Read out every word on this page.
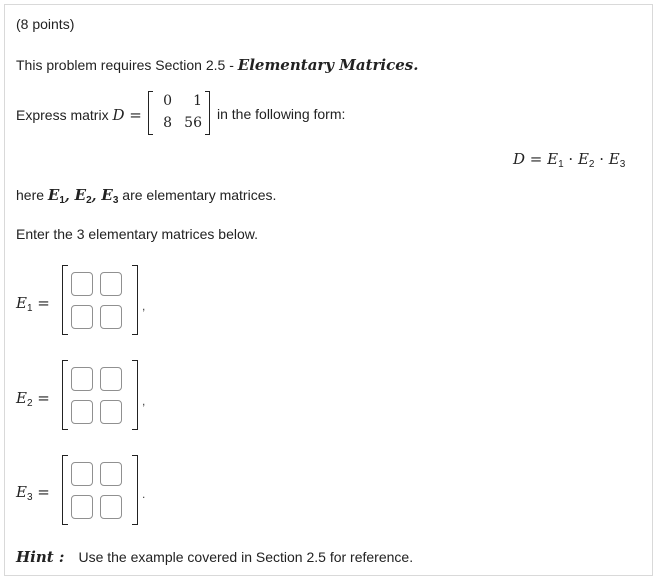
(8 points)
This problem requires Section 2.5 - Elementary Matrices.
Express matrix D =
0	1
8 56
in the following form:
$D = E_1 \cdot E_2 \cdot E_3$
here $E_1$, $E_2$, $E_3$ are elementary matrices.
Enter the 3 elementary matrices below.
$E_1$ =	,
$E_2$ =	,
$E_3$ =	.
Hint : Use the example covered in Section 2.5 for reference.
